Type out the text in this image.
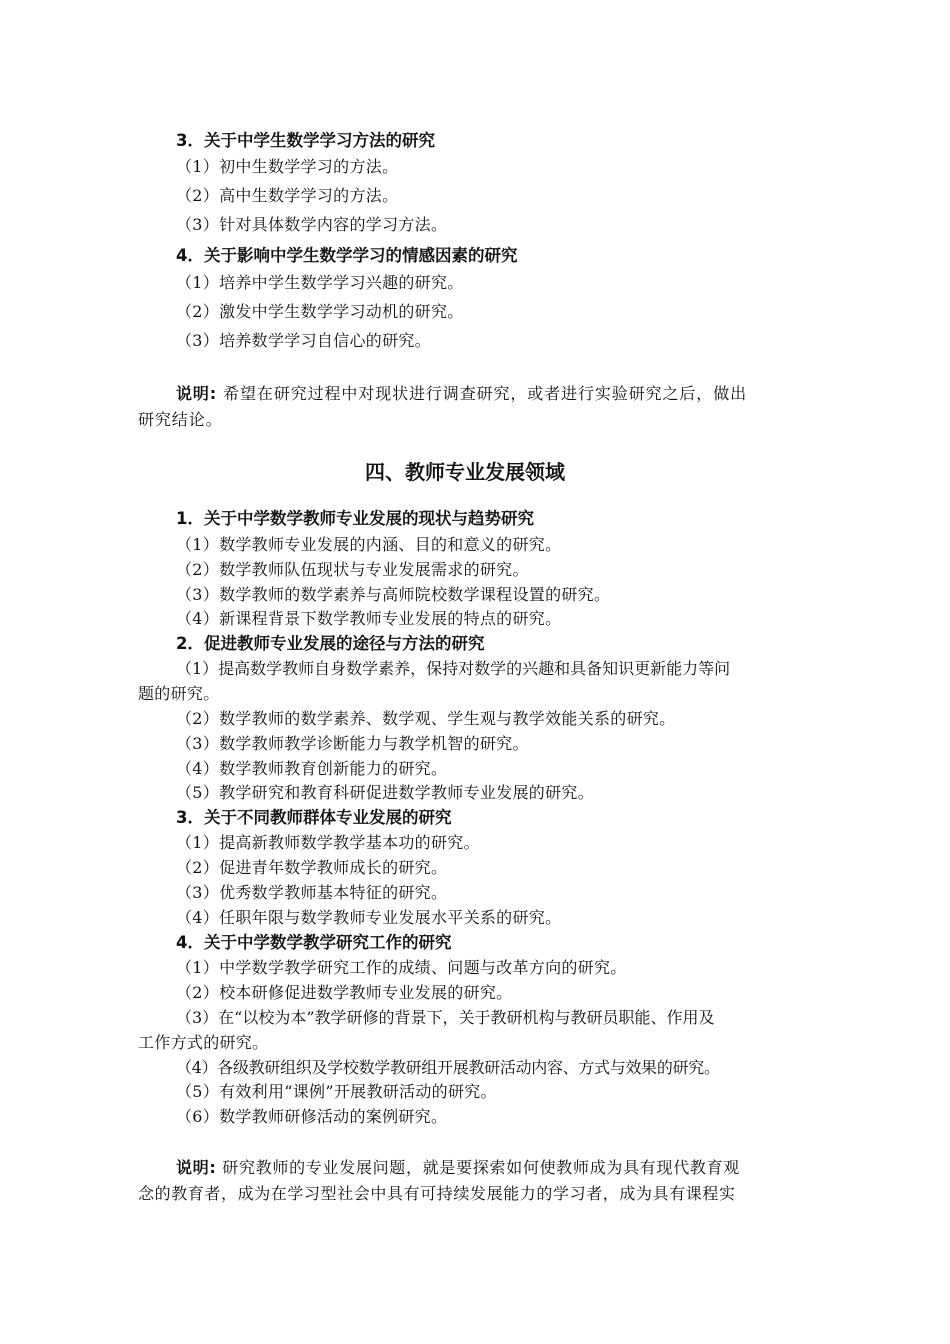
3．关于中学生数学学习方法的研究
（1）初中生数学学习的方法。
（2）高中生数学学习的方法。
（3）针对具体数学内容的学习方法。
4．关于影响中学生数学学习的情感因素的研究
（1）培养中学生数学学习兴趣的研究。
（2）激发中学生数学学习动机的研究。
（3）培养数学学习自信心的研究。
说明: 希望在研究过程中对现状进行调查研究，或者进行实验研究之后，做出
研究结论。
四、教师专业发展领域
1．关于中学数学教师专业发展的现状与趋势研究
（1）数学教师专业发展的内涵、目的和意义的研究。
（2）数学教师队伍现状与专业发展需求的研究。
（3）数学教师的数学素养与高师院校数学课程设置的研究。
（4）新课程背景下数学教师专业发展的特点的研究。
2．促进教师专业发展的途径与方法的研究
（1）提高数学教师自身数学素养，保持对数学的兴趣和具备知识更新能力等问
题的研究。
（2）数学教师的数学素养、数学观、学生观与教学效能关系的研究。
（3）数学教师教学诊断能力与教学机智的研究。
（4）数学教师教育创新能力的研究。
（5）教学研究和教育科研促进数学教师专业发展的研究。
3．关于不同教师群体专业发展的研究
（1）提高新教师数学教学基本功的研究。
（2）促进青年数学教师成长的研究。
（3）优秀数学教师基本特征的研究。
（4）任职年限与数学教师专业发展水平关系的研究。
4．关于中学数学教学研究工作的研究
（1）中学数学教学研究工作的成绩、问题与改革方向的研究。
（2）校本研修促进数学教师专业发展的研究。
（3）在“以校为本”教学研修的背景下，关于教研机构与教研员职能、作用及
工作方式的研究。
（4）各级教研组织及学校数学教研组开展教研活动内容、方式与效果的研究。
（5）有效利用“课例”开展教研活动的研究。
（6）数学教师研修活动的案例研究。
说明: 研究教师的专业发展问题，就是要探索如何使教师成为具有现代教育观
念的教育者，成为在学习型社会中具有可持续发展能力的学习者，成为具有课程实
